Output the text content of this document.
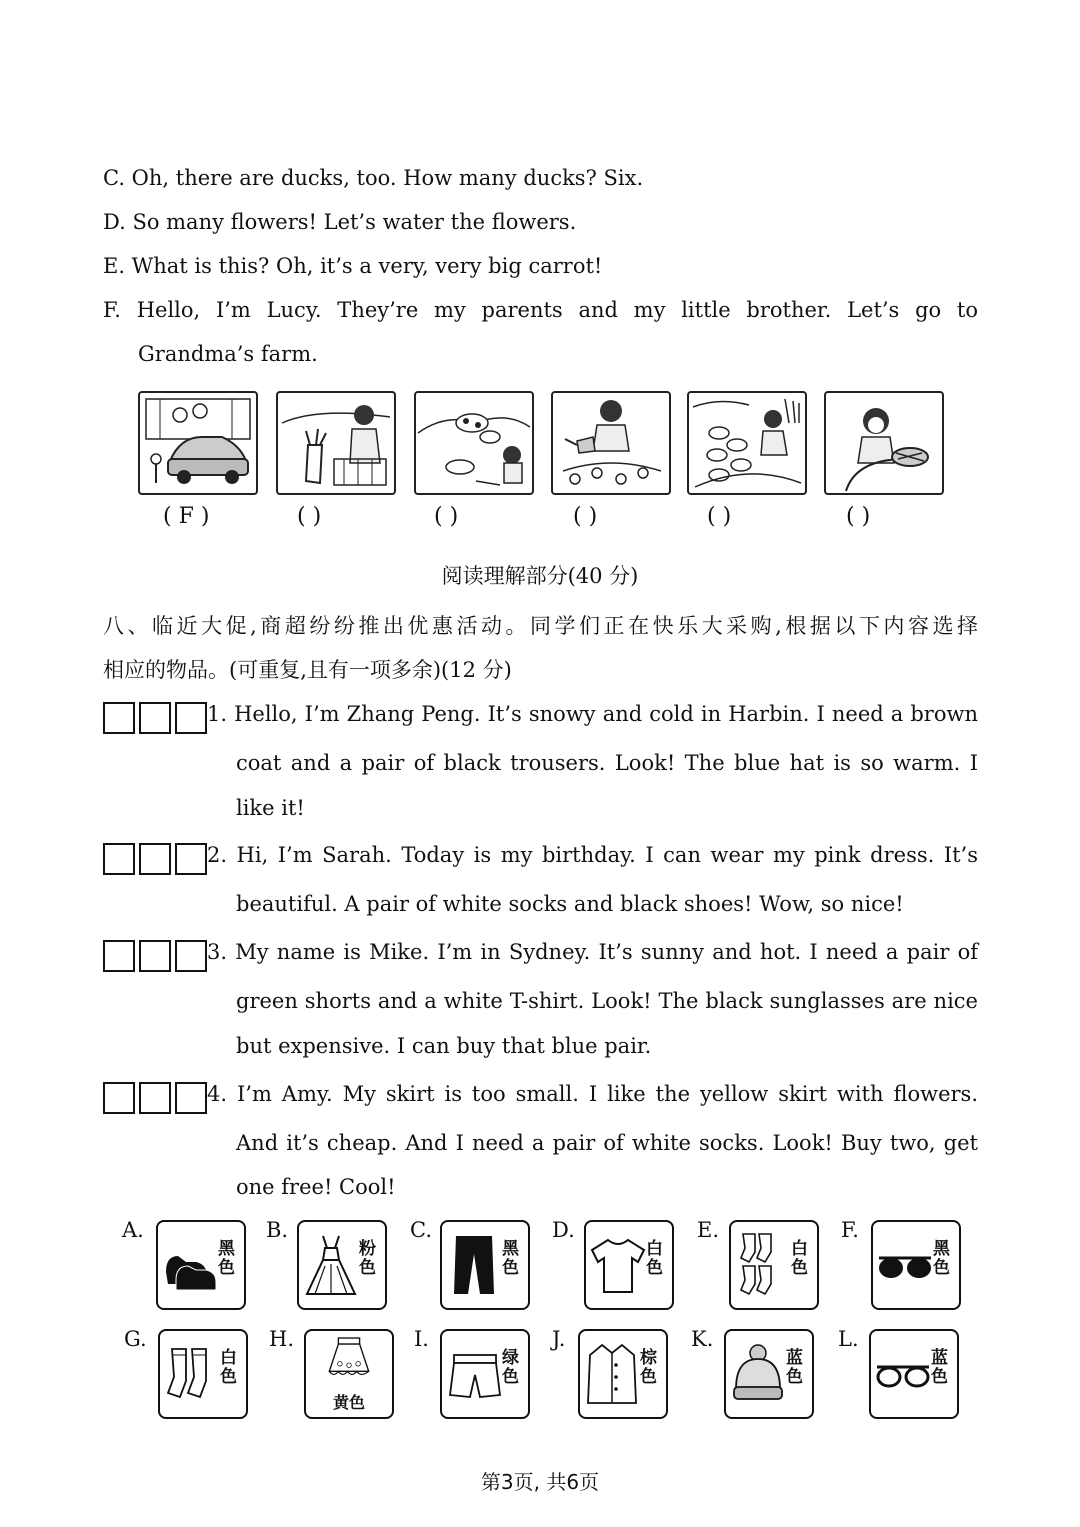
C. Oh, there are ducks, too. How many ducks? Six.
D. So many flowers! Let’s water the flowers.
E. What is this? Oh, it’s a very, very big carrot!
F. Hello, I’m Lucy. They’re my parents and my little brother. Let’s go to
Grandma’s farm.
( F )	( )	( )	( )	( )	( )
阅读理解部分(40 分)
八、临近大促,商超纷纷推出优惠活动。同学们正在快乐大采购,根据以下内容选择
相应的物品。(可重复,且有一项多余)(12 分)
1. Hello, I’m Zhang Peng. It’s snowy and cold in Harbin. I need a brown
coat and a pair of black trousers. Look! The blue hat is so warm. I
like it!
2. Hi, I’m Sarah. Today is my birthday. I can wear my pink dress. It’s
beautiful. A pair of white socks and black shoes! Wow, so nice!
3. My name is Mike. I’m in Sydney. It’s sunny and hot. I need a pair of
green shorts and a white T-shirt. Look! The black sunglasses are nice
but expensive. I can buy that blue pair.
4. I’m Amy. My skirt is too small. I like the yellow skirt with flowers.
And it’s cheap. And I need a pair of white socks. Look! Buy two, get
one free! Cool!
A.
黑色
B.
粉色
C.
黑色
D.
白色
E.
白色
F.
黑色
G.
白色
H.
黄色
I.
绿色
J.
棕色
K.
蓝色
L.
蓝色
第3页, 共6页
